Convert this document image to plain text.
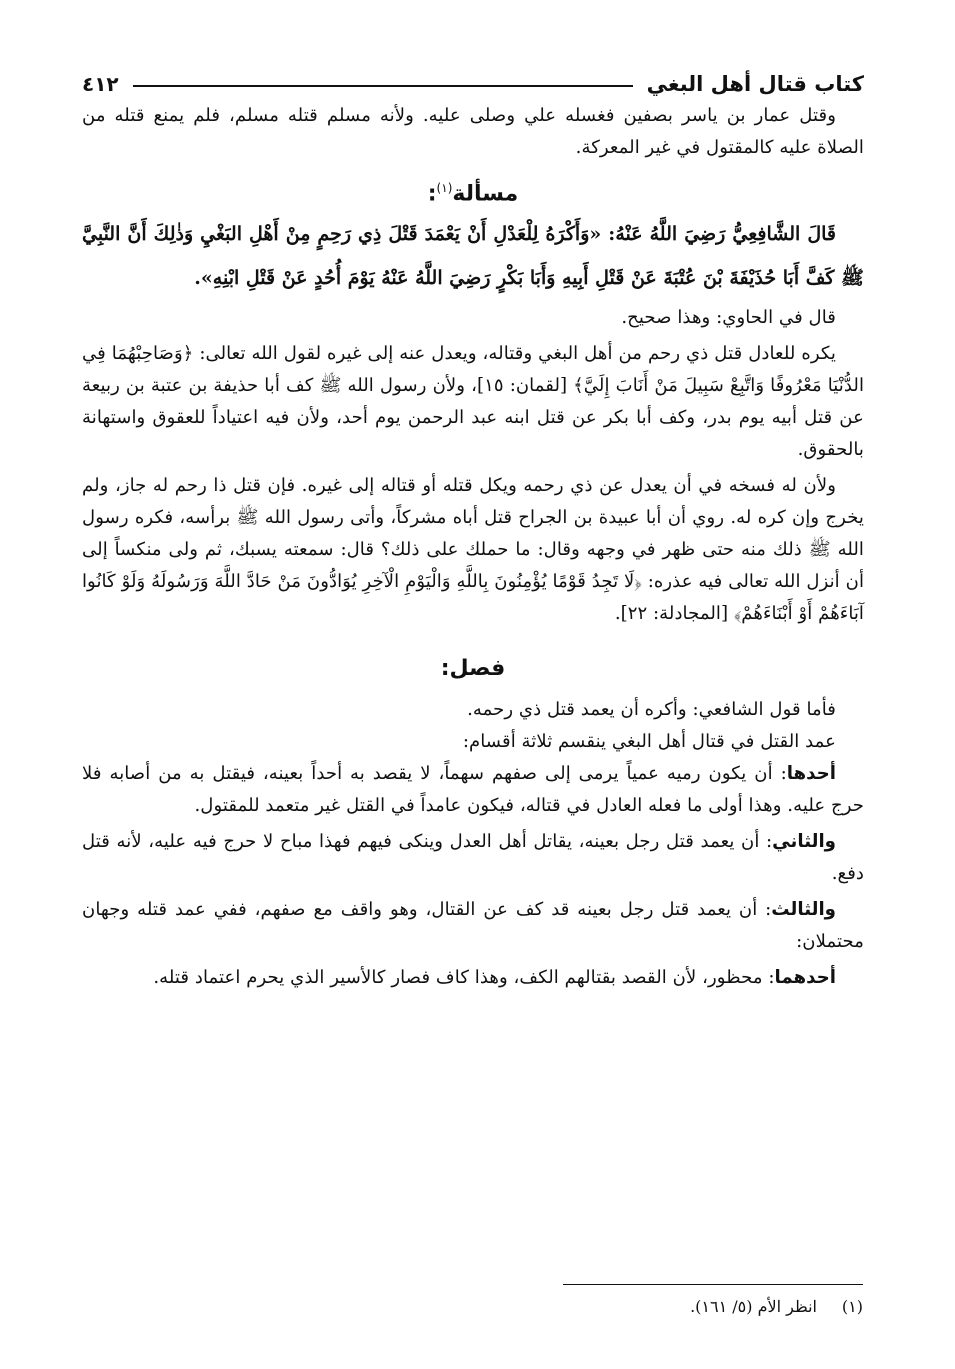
كتاب قتال أهل البغي
٤١٢

وقتل عمار بن ياسر بصفين فغسله علي وصلى عليه. ولأنه مسلم قتله مسلم، فلم يمنع قتله من الصلاة عليه كالمقتول في غير المعركة.

مسألة$^{(١)}$:

قَالَ الشَّافِعِيُّ رَضِيَ اللَّهُ عَنْهُ: «وَأَكْرَهُ لِلْعَدْلِ أَنْ يَعْمَدَ قَتْلَ ذِي رَحِمٍ مِنْ أَهْلِ البَغْيِ وَذٰلِكَ أَنَّ النَّبِيَّ ﷺ كَفَّ أَبَا حُذَيْفَةَ بْنَ عُتْبَةَ عَنْ قَتْلِ أَبِيهِ وَأَبَا بَكْرٍ رَضِيَ اللَّهُ عَنْهُ يَوْمَ أُحُدٍ عَنْ قَتْلِ ابْنِهِ».

قال في الحاوي: وهذا صحيح.

يكره للعادل قتل ذي رحم من أهل البغي وقتاله، ويعدل عنه إلى غيره لقول الله تعالى: ﴿وَصَاحِبْهُمَا فِي الدُّنْيَا مَعْرُوفًا وَاتَّبِعْ سَبِيلَ مَنْ أَنَابَ إِلَيَّ﴾ [لقمان: ١٥]، ولأن رسول الله ﷺ كف أبا حذيفة بن عتبة بن ربيعة عن قتل أبيه يوم بدر، وكف أبا بكر عن قتل ابنه عبد الرحمن يوم أحد، ولأن فيه اعتياداً للعقوق واستهانة بالحقوق.

ولأن له فسخه في أن يعدل عن ذي رحمه ويكل قتله أو قتاله إلى غيره. فإن قتل ذا رحم له جاز، ولم يخرج وإن كره له. روي أن أبا عبيدة بن الجراح قتل أباه مشركاً، وأتى رسول الله ﷺ برأسه، فكره رسول الله ﷺ ذلك منه حتى ظهر في وجهه وقال: ما حملك على ذلك؟ قال: سمعته يسبك، ثم ولى منكساً إلى أن أنزل الله تعالى فيه عذره: ﴿لَا تَجِدُ قَوْمًا يُؤْمِنُونَ بِاللَّهِ وَالْيَوْمِ الْآخِرِ يُوَادُّونَ مَنْ حَادَّ اللَّهَ وَرَسُولَهُ وَلَوْ كَانُوا آبَاءَهُمْ أَوْ أَبْنَاءَهُمْ﴾ [المجادلة: ٢٢].

فصل:

فأما قول الشافعي: وأكره أن يعمد قتل ذي رحمه.

عمد القتل في قتال أهل البغي ينقسم ثلاثة أقسام:

أحدها: أن يكون رميه عمياً يرمى إلى صفهم سهماً، لا يقصد به أحداً بعينه، فيقتل به من أصابه فلا حرج عليه. وهذا أولى ما فعله العادل في قتاله، فيكون عامداً في القتل غير متعمد للمقتول.

والثاني: أن يعمد قتل رجل بعينه، يقاتل أهل العدل وينكى فيهم فهذا مباح لا حرج فيه عليه، لأنه قتل دفع.

والثالث: أن يعمد قتل رجل بعينه قد كف عن القتال، وهو واقف مع صفهم، ففي عمد قتله وجهان محتملان:

أحدهما: محظور، لأن القصد بقتالهم الكف، وهذا كاف فصار كالأسير الذي يحرم اعتماد قتله.

(١)انظر الأم (٥/ ١٦١).
